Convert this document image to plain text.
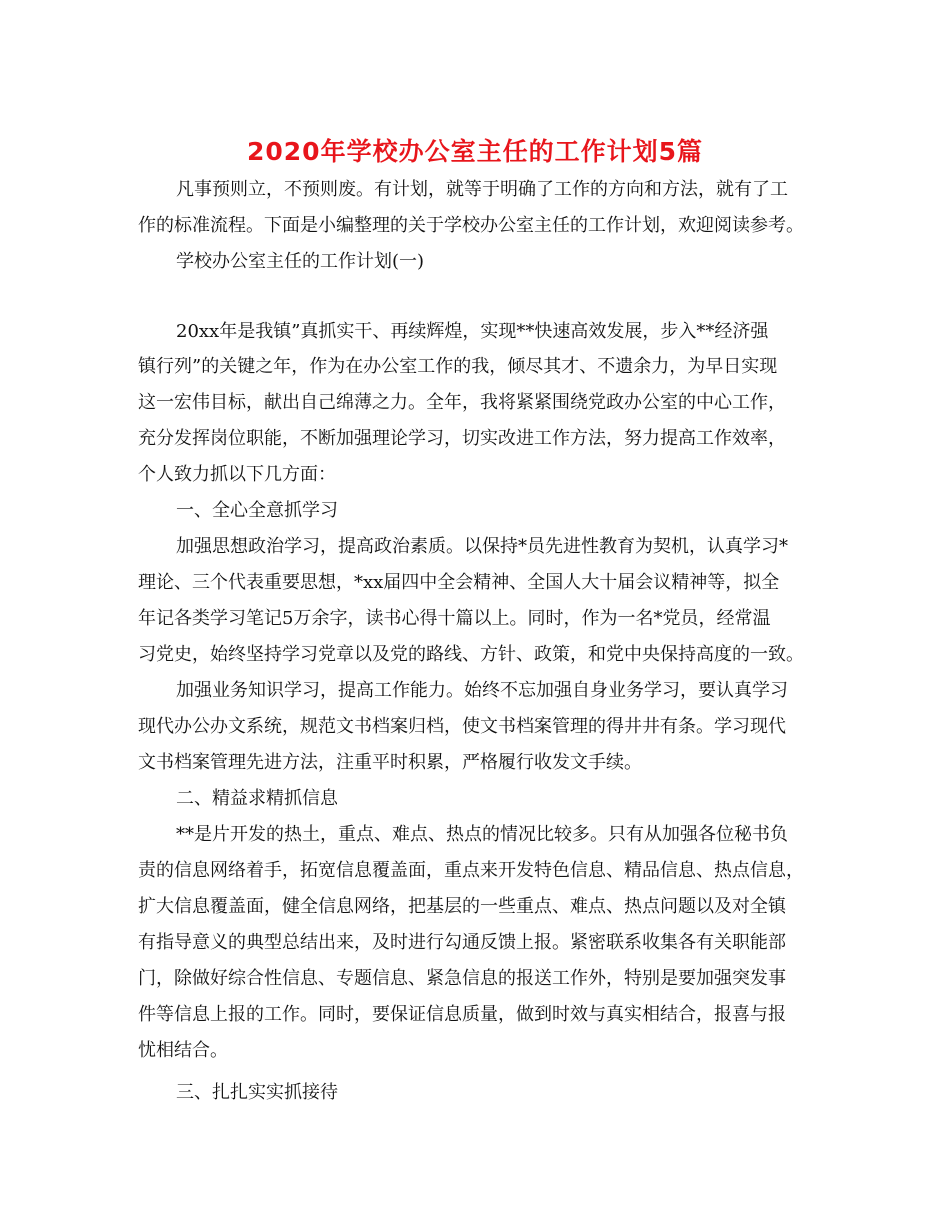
2020年学校办公室主任的工作计划5篇
凡事预则立，不预则废。有计划，就等于明确了工作的方向和方法，就有了工
作的标准流程。下面是小编整理的关于学校办公室主任的工作计划，欢迎阅读参考。
学校办公室主任的工作计划(一)
20xx年是我镇”真抓实干、再续辉煌，实现**快速高效发展，步入**经济强
镇行列”的关键之年，作为在办公室工作的我，倾尽其才、不遗余力，为早日实现
这一宏伟目标，献出自己绵薄之力。全年，我将紧紧围绕党政办公室的中心工作，
充分发挥岗位职能，不断加强理论学习，切实改进工作方法，努力提高工作效率，
个人致力抓以下几方面：
一、全心全意抓学习
加强思想政治学习，提高政治素质。以保持*员先进性教育为契机，认真学习*
理论、三个代表重要思想，*xx届四中全会精神、全国人大十届会议精神等，拟全
年记各类学习笔记5万余字，读书心得十篇以上。同时，作为一名*党员，经常温
习党史，始终坚持学习党章以及党的路线、方针、政策，和党中央保持高度的一致。
加强业务知识学习，提高工作能力。始终不忘加强自身业务学习，要认真学习
现代办公办文系统，规范文书档案归档，使文书档案管理的得井井有条。学习现代
文书档案管理先进方法，注重平时积累，严格履行收发文手续。
二、精益求精抓信息
**是片开发的热土，重点、难点、热点的情况比较多。只有从加强各位秘书负
责的信息网络着手，拓宽信息覆盖面，重点来开发特色信息、精品信息、热点信息，
扩大信息覆盖面，健全信息网络，把基层的一些重点、难点、热点问题以及对全镇
有指导意义的典型总结出来，及时进行勾通反馈上报。紧密联系收集各有关职能部
门，除做好综合性信息、专题信息、紧急信息的报送工作外，特别是要加强突发事
件等信息上报的工作。同时，要保证信息质量，做到时效与真实相结合，报喜与报
忧相结合。
三、扎扎实实抓接待
